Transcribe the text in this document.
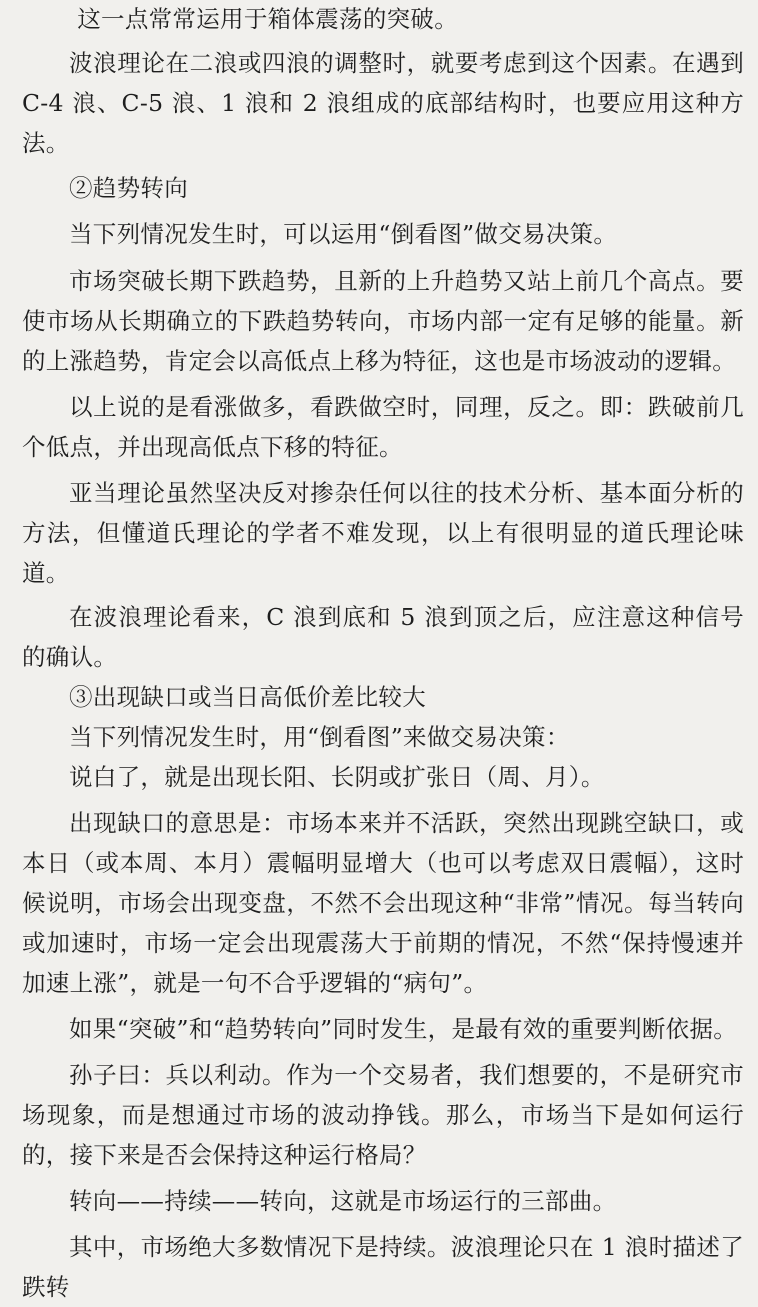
这一点常常运用于箱体震荡的突破。

波浪理论在二浪或四浪的调整时，就要考虑到这个因素。在遇到 C-4 浪、C-5 浪、1 浪和 2 浪组成的底部结构时，也要应用这种方法。

②趋势转向

当下列情况发生时，可以运用“倒看图”做交易决策。

市场突破长期下跌趋势，且新的上升趋势又站上前几个高点。要使市场从长期确立的下跌趋势转向，市场内部一定有足够的能量。新的上涨趋势，肯定会以高低点上移为特征，这也是市场波动的逻辑。

以上说的是看涨做多，看跌做空时，同理，反之。即：跌破前几个低点，并出现高低点下移的特征。

亚当理论虽然坚决反对掺杂任何以往的技术分析、基本面分析的方法，但懂道氏理论的学者不难发现，以上有很明显的道氏理论味道。

在波浪理论看来，C 浪到底和 5 浪到顶之后，应注意这种信号的确认。

③出现缺口或当日高低价差比较大

当下列情况发生时，用“倒看图”来做交易决策：

说白了，就是出现长阳、长阴或扩张日（周、月）。

出现缺口的意思是：市场本来并不活跃，突然出现跳空缺口，或本日（或本周、本月）震幅明显增大（也可以考虑双日震幅），这时候说明，市场会出现变盘，不然不会出现这种“非常”情况。每当转向或加速时，市场一定会出现震荡大于前期的情况，不然“保持慢速并加速上涨”，就是一句不合乎逻辑的“病句”。

如果“突破”和“趋势转向”同时发生，是最有效的重要判断依据。

孙子曰：兵以利动。作为一个交易者，我们想要的，不是研究市场现象，而是想通过市场的波动挣钱。那么，市场当下是如何运行的，接下来是否会保持这种运行格局？

转向——持续——转向，这就是市场运行的三部曲。

其中，市场绝大多数情况下是持续。波浪理论只在 1 浪时描述了跌转
